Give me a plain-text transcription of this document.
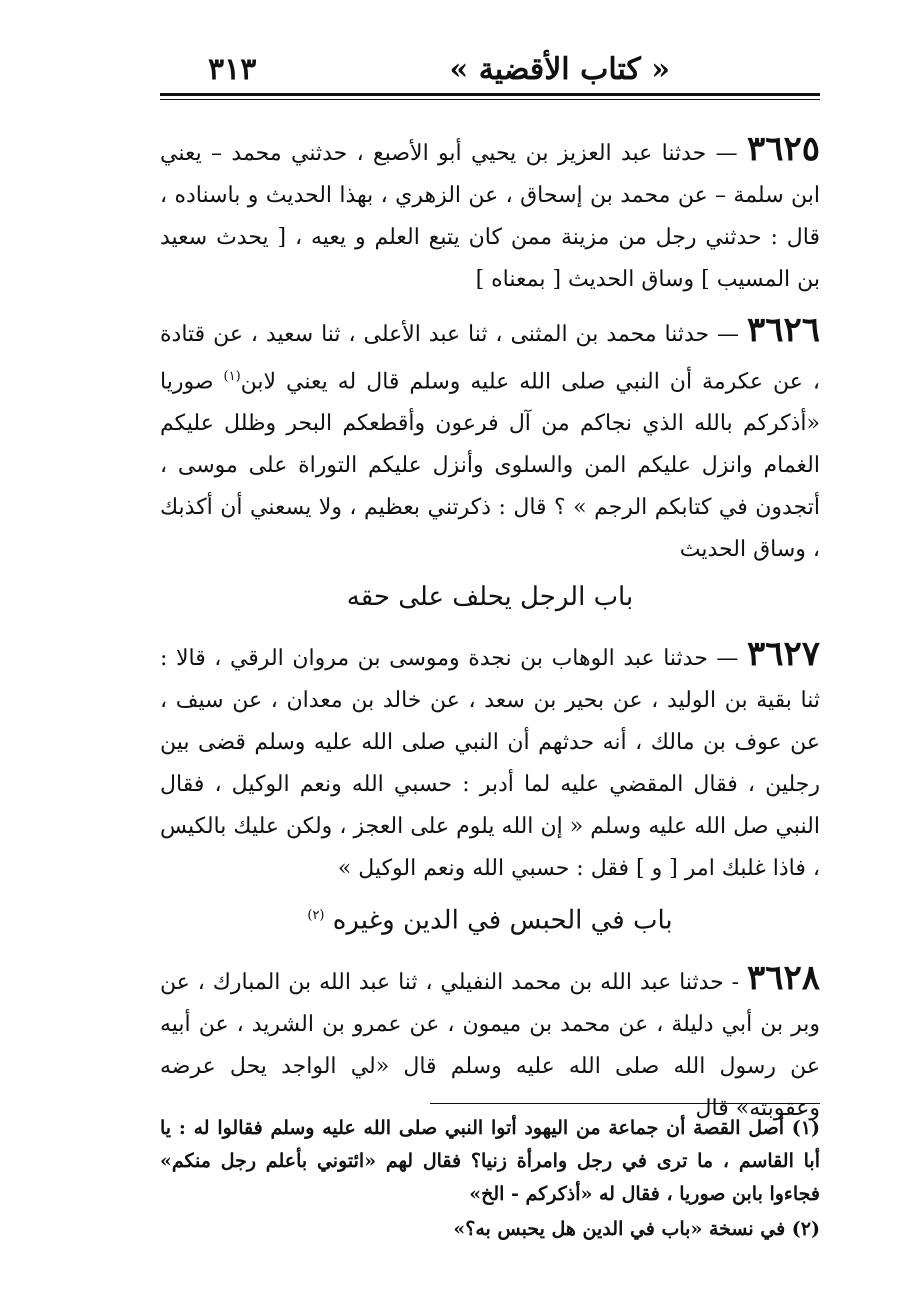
« كتاب الأقضية »
٣١٣

٣٦٢٥ — حدثنا عبد العزيز بن يحيي أبو الأصبع ، حدثني محمد – يعني ابن سلمة – عن محمد بن إسحاق ، عن الزهري ، بهذا الحديث و باسناده ، قال : حدثني رجل من مزينة ممن كان يتبع العلم و يعيه ، [ يحدث سعيد بن المسيب ] وساق الحديث [ بمعناه ]

٣٦٢٦ — حدثنا محمد بن المثنى ، ثنا عبد الأعلى ، ثنا سعيد ، عن قتادة ، عن عكرمة أن النبي صلى الله عليه وسلم قال له يعني لابن$^{(١)}$ صوريا «أذكركم بالله الذي نجاكم من آل فرعون وأقطعكم البحر وظلل عليكم الغمام وانزل عليكم المن والسلوى وأنزل عليكم التوراة على موسى ، أتجدون في كتابكم الرجم » ؟ قال : ذكرتني بعظيم ، ولا يسعني أن أكذبك ، وساق الحديث

باب الرجل يحلف على حقه

٣٦٢٧ — حدثنا عبد الوهاب بن نجدة وموسى بن مروان الرقي ، قالا : ثنا بقية بن الوليد ، عن بحير بن سعد ، عن خالد بن معدان ، عن سيف ، عن عوف بن مالك ، أنه حدثهم أن النبي صلى الله عليه وسلم قضى بين رجلين ، فقال المقضي عليه لما أدبر : حسبي الله ونعم الوكيل ، فقال النبي صل الله عليه وسلم « إن الله يلوم على العجز ، ولكن عليك بالكيس ، فاذا غلبك امر [ و ] فقل : حسبي الله ونعم الوكيل »

باب في الحبس في الدين وغيره $^{(٢)}$

٣٦٢٨ - حدثنا عبد الله بن محمد النفيلي ، ثنا عبد الله بن المبارك ، عن وبر بن أبي دليلة ، عن محمد بن ميمون ، عن عمرو بن الشريد ، عن أبيه عن رسول الله صلى الله عليه وسلم قال «لي الواجد يحل عرضه وعقوبته» قال

(١) أصل القصة أن جماعة من اليهود أتوا النبي صلى الله عليه وسلم فقالوا له : يا أبا القاسم ، ما ترى في رجل وامرأة زنيا؟ فقال لهم «ائتوني بأعلم رجل منكم» فجاءوا بابن صوريا ، فقال له «أذكركم - الخ»

(٢) في نسخة «باب في الدين هل يحبس به؟»
